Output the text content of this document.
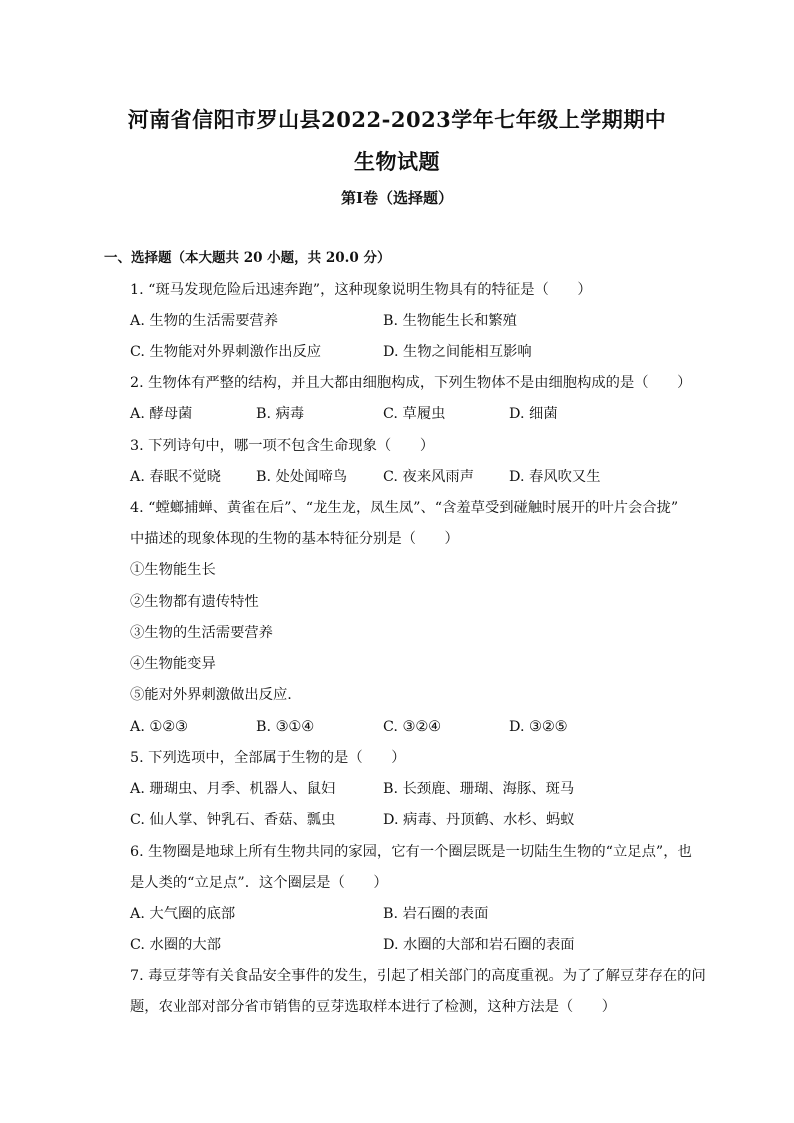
河南省信阳市罗山县2022-2023学年七年级上学期期中
生物试题
第I卷（选择题）
一、选择题（本大题共 20 小题，共 20.0 分）
1. “斑马发现危险后迅速奔跑”，这种现象说明生物具有的特征是（　　）
A. 生物的生活需要营养	B. 生物能生长和繁殖
C. 生物能对外界刺激作出反应	D. 生物之间能相互影响
2. 生物体有严整的结构，并且大都由细胞构成，下列生物体不是由细胞构成的是（　　）
A. 酵母菌	B. 病毒	C. 草履虫	D. 细菌
3. 下列诗句中，哪一项不包含生命现象（　　）
A. 春眠不觉晓 B. 处处闻啼鸟	C. 夜来风雨声 D. 春风吹又生
4. “螳螂捕蝉、黄雀在后”、“龙生龙，凤生凤”、“含羞草受到碰触时展开的叶片会合拢”
中描述的现象体现的生物的基本特征分别是（　　）
①生物能生长
②生物都有遗传特性
③生物的生活需要营养
④生物能变异
⑤能对外界刺激做出反应.
A. ①②③	B. ③①④	C. ③②④	D. ③②⑤
5. 下列选项中，全部属于生物的是（　　）
A. 珊瑚虫、月季、机器人、鼠妇	B. 长颈鹿、珊瑚、海豚、斑马
C. 仙人掌、钟乳石、香菇、瓢虫	D. 病毒、丹顶鹤、水杉、蚂蚁
6. 生物圈是地球上所有生物共同的家园，它有一个圈层既是一切陆生生物的“立足点”，也
是人类的“立足点”．这个圈层是（　　）
A. 大气圈的底部	B. 岩石圈的表面
C. 水圈的大部	D. 水圈的大部和岩石圈的表面
7. 毒豆芽等有关食品安全事件的发生，引起了相关部门的高度重视。为了了解豆芽存在的问
题，农业部对部分省市销售的豆芽选取样本进行了检测，这种方法是（　　）
